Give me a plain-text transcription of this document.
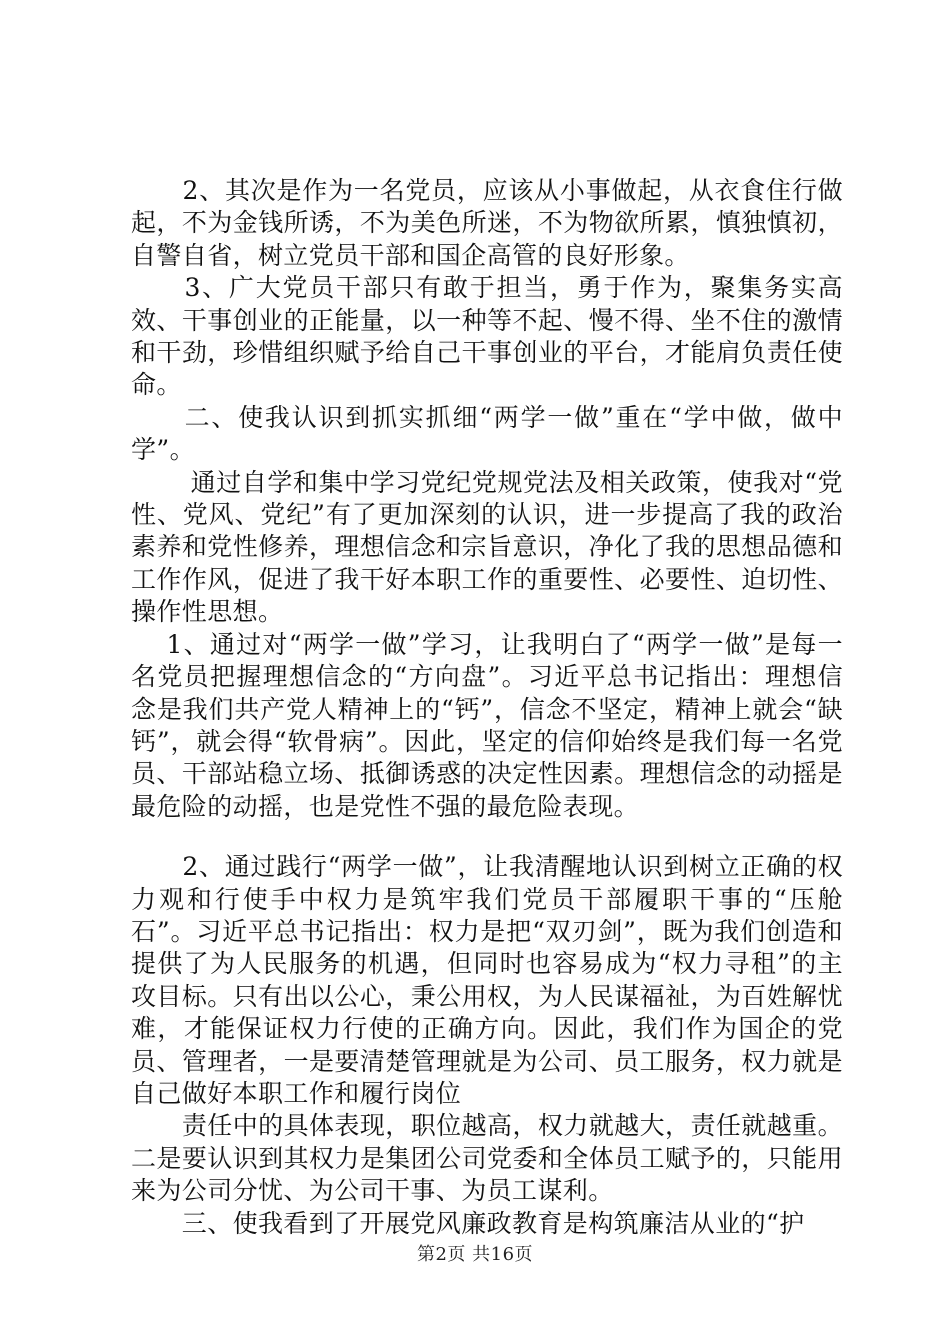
　　2、其次是作为一名党员，应该从小事做起，从衣食住行做起，不为金钱所诱，不为美色所迷，不为物欲所累，慎独慎初，自警自省，树立党员干部和国企高管的良好形象。

　　3、广大党员干部只有敢于担当，勇于作为，聚集务实高效、干事创业的正能量，以一种等不起、慢不得、坐不住的激情和干劲，珍惜组织赋予给自己干事创业的平台，才能肩负责任使命。

　　二、使我认识到抓实抓细“两学一做”重在“学中做，做中学”。

　　 通过自学和集中学习党纪党规党法及相关政策，使我对“党性、党风、党纪”有了更加深刻的认识，进一步提高了我的政治素养和党性修养，理想信念和宗旨意识，净化了我的思想品德和工作作风，促进了我干好本职工作的重要性、必要性、迫切性、操作性思想。

　 1、通过对“两学一做”学习，让我明白了“两学一做”是每一名党员把握理想信念的“方向盘”。习近平总书记指出：理想信念是我们共产党人精神上的“钙”，信念不坚定，精神上就会“缺钙”，就会得“软骨病”。因此，坚定的信仰始终是我们每一名党员、干部站稳立场、抵御诱惑的决定性因素。理想信念的动摇是最危险的动摇，也是党性不强的最危险表现。

　　2、通过践行“两学一做”，让我清醒地认识到树立正确的权力观和行使手中权力是筑牢我们党员干部履职干事的“压舱石”。习近平总书记指出：权力是把“双刃剑”，既为我们创造和提供了为人民服务的机遇，但同时也容易成为“权力寻租”的主攻目标。只有出以公心，秉公用权，为人民谋福祉，为百姓解忧难，才能保证权力行使的正确方向。因此，我们作为国企的党员、管理者，一是要清楚管理就是为公司、员工服务，权力就是自己做好本职工作和履行岗位

　　责任中的具体表现，职位越高，权力就越大，责任就越重。二是要认识到其权力是集团公司党委和全体员工赋予的，只能用来为公司分忧、为公司干事、为员工谋利。

　　三、使我看到了开展党风廉政教育是构筑廉洁从业的“护

第2页 共16页
